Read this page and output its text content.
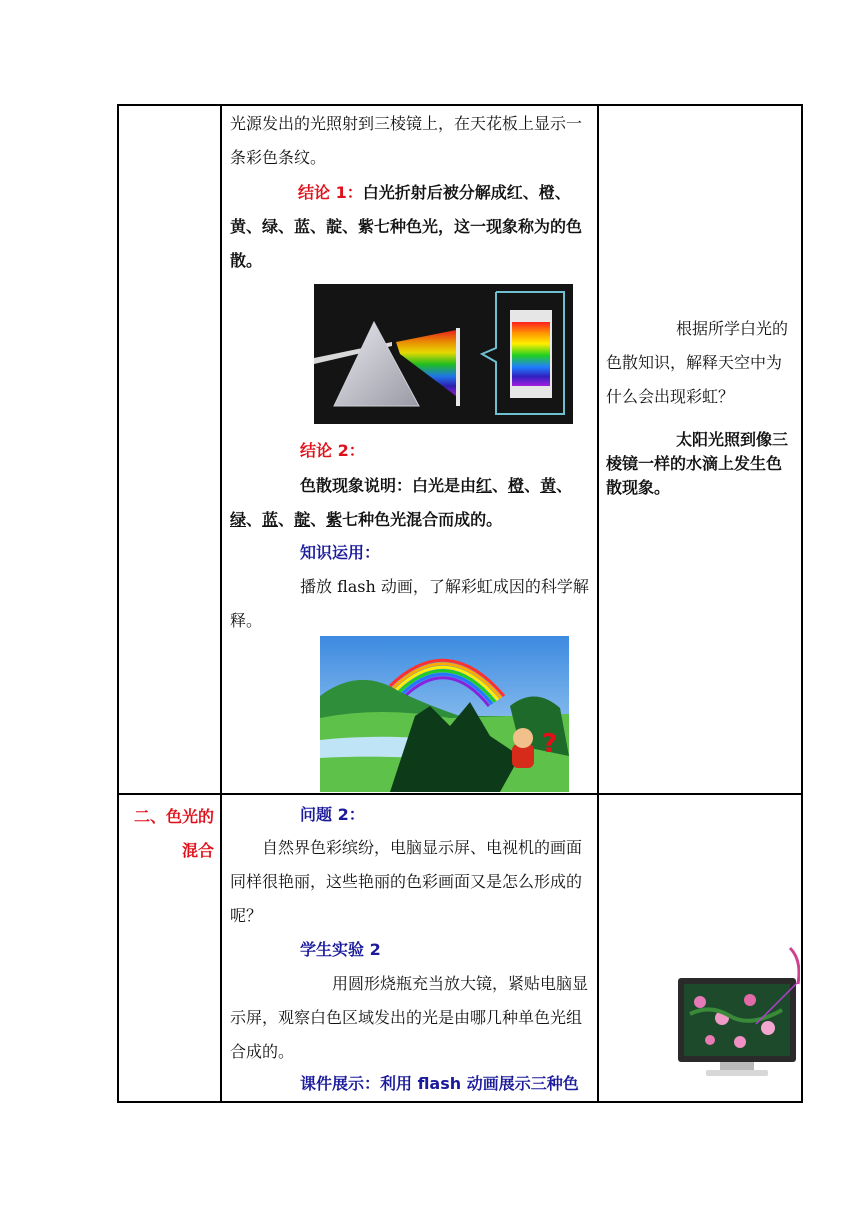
光源发出的光照射到三棱镜上，在天花板上显示一条彩色条纹。
结论 1：白光折射后被分解成红、橙、黄、绿、蓝、靛、紫七种色光，这一现象称为的色散。
结论 2：
色散现象说明：白光是由红、橙、黄、绿、蓝、靛、紫七种色光混合而成的。
知识运用：
播放 flash 动画，了解彩虹成因的科学解释。
?
根据所学白光的色散知识，解释天空中为什么会出现彩虹？
太阳光照到像三棱镜一样的水滴上发生色散现象。
二、色光的混合
问题 2：
自然界色彩缤纷，电脑显示屏、电视机的画面同样很艳丽，这些艳丽的色彩画面又是怎么形成的呢？
学生实验 2
用圆形烧瓶充当放大镜，紧贴电脑显示屏，观察白色区域发出的光是由哪几种单色光组合成的。
课件展示：利用 flash 动画展示三种色
